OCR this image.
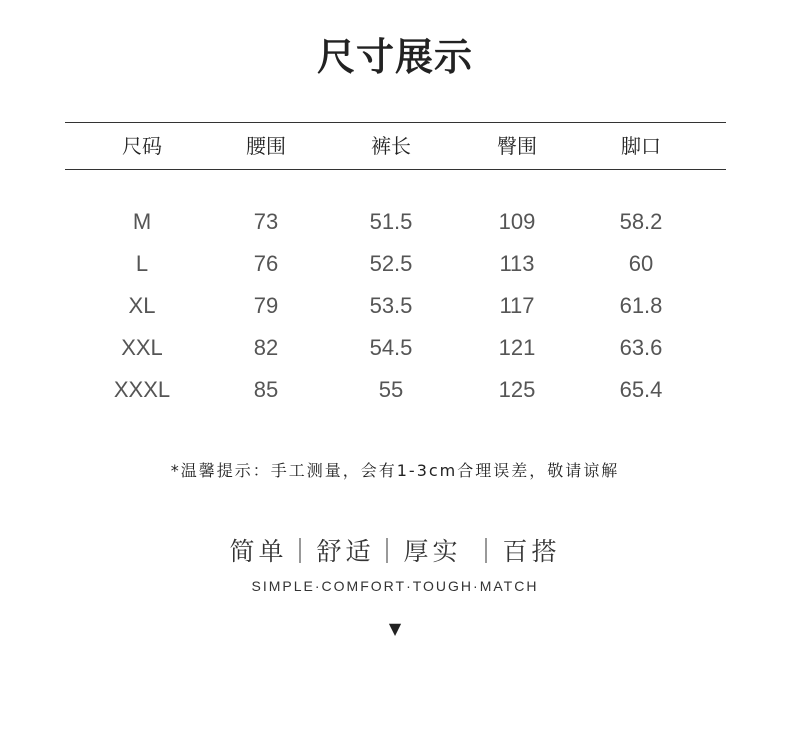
尺寸展示
尺码	腰围	裤长	臀围	脚口
M	73	51.5	109	58.2
L	76	52.5	113	60
XL	79	53.5	117	61.8
XXL	82	54.5	121	63.6
XXXL	85	55	125	65.4
*温馨提示：手工测量，会有1-3cm合理误差，敬请谅解
简单｜舒适｜厚实 ｜百搭
SIMPLE·COMFORT·TOUGH·MATCH
▼
